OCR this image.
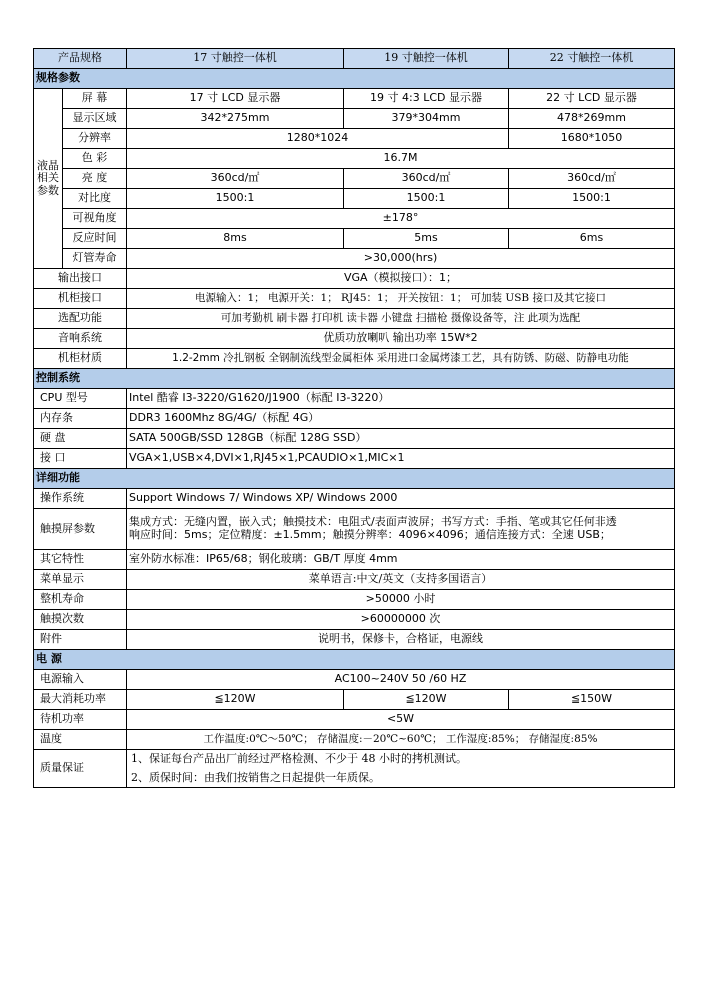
产品规格		17 寸触控一体机	19 寸触控一体机	22 寸触控一体机
规格参数				
液晶相关参数	屏 幕	17 寸 LCD 显示器	19 寸 4:3 LCD 显示器	22 寸 LCD 显示器
	显示区域	342*275mm	379*304mm	478*269mm
	分辨率	1280*1024		1680*1050
	色 彩	16.7M		
	亮 度	360cd/㎡	360cd/㎡	360cd/㎡
	对比度	1500:1	1500:1	1500:1
	可视角度	±178°		
	反应时间	8ms	5ms	6ms
	灯管寿命	>30,000(hrs)		
输出接口		VGA（模拟接口）：1；		
机柜接口		电源输入：1； 电源开关：1； RJ45：1； 开关按钮：1； 可加装 USB 接口及其它接口		
选配功能		可加考勤机 刷卡器 打印机 读卡器 小键盘 扫描枪 摄像设备等，注 此项为选配		
音响系统		优质功放喇叭 输出功率 15W*2		
机柜材质		1.2-2mm 冷扎钢板 全钢制流线型金属柜体 采用进口金属烤漆工艺，具有防锈、防磁、防静电功能		
控制系统				
CPU 型号		Intel 酷睿 I3-3220/G1620/J1900（标配 I3-3220）		
内存条		DDR3 1600Mhz 8G/4G/（标配 4G）		
硬 盘		SATA 500GB/SSD 128GB（标配 128G SSD）		
接 口		VGA×1,USB×4,DVI×1,RJ45×1,PCAUDIO×1,MIC×1		
详细功能				
操作系统		Support Windows 7/ Windows XP/ Windows 2000		
触摸屏参数		集成方式：无缝内置，嵌入式；触摸技术：电阻式/表面声波屏；书写方式：手指、笔或其它任何非透
响应时间：5ms；定位精度：±1.5mm；触摸分辨率：4096×4096；通信连接方式：全速 USB；		

其它特性		室外防水标准：IP65/68；钢化玻璃：GB/T 厚度 4mm		
菜单显示		菜单语言:中文/英文（支持多国语言）		
整机寿命		>50000 小时		
触摸次数		>60000000 次		
附件		说明书，保修卡，合格证，电源线		
电 源				
电源输入		AC100~240V 50 /60 HZ		
最大消耗功率		≦120W	≦120W	≦150W
待机功率		<5W		
温度		工作温度:0℃～50℃； 存储温度:－20℃~60℃； 工作湿度:85%； 存储湿度:85%		
质量保证		1、保证每台产品出厂前经过严格检测、不少于 48 小时的拷机测试。
2、质保时间：由我们按销售之日起提供一年质保。		
